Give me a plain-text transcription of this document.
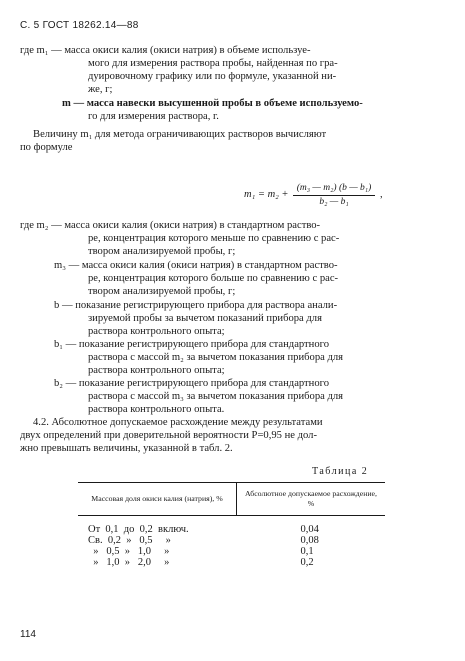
С. 5 ГОСТ 18262.14—88
где m₁ — масса окиси калия (окиси натрия) в объеме используе-
мого для измерения раствора пробы, найденная по гра-
дуировочному графику или по формуле, указанной ни-
же, г;
m — масса навески высушенной пробы в объеме используемо-
го для измерения раствора, г.
Величину m₁ для метода ограничивающих растворов вычисляют
по формуле
$m_1 = m_2 + \frac{\text{(m₃ — m₂) (b — b₁)}}{\text{b₂ — b₁}}$ ,
где m₂ — масса окиси калия (окиси натрия) в стандартном раство-
ре, концентрация которого меньше по сравнению с рас-
твором анализируемой пробы, г;
m₃ — масса окиси калия (окиси натрия) в стандартном раство-
ре, концентрация которого больше по сравнению с рас-
твором анализируемой пробы, г;
b — показание регистрирующего прибора для раствора анали-
зируемой пробы за вычетом показаний прибора для
раствора контрольного опыта;
b₁ — показание регистрирующего прибора для стандартного
раствора с массой m₂ за вычетом показания прибора для
раствора контрольного опыта;
b₂ — показание регистрирующего прибора для стандартного
раствора с массой m₃ за вычетом показания прибора для
раствора контрольного опыта.
4.2. Абсолютное допускаемое расхождение между результатами
двух определений при доверительной вероятности P=0,95 не дол-
жно превышать величины, указанной в табл. 2.
Таблица 2
Массовая доля окиси калия (натрия), %	Абсолютное допускаемое расхождение, %
От  0,1  до  0,2  включ.	0,04
Св.  0,2  »   0,5     »	0,08
»   0,5  »   1,0     »	0,1
»   1,0  »   2,0     »	0,2
114
